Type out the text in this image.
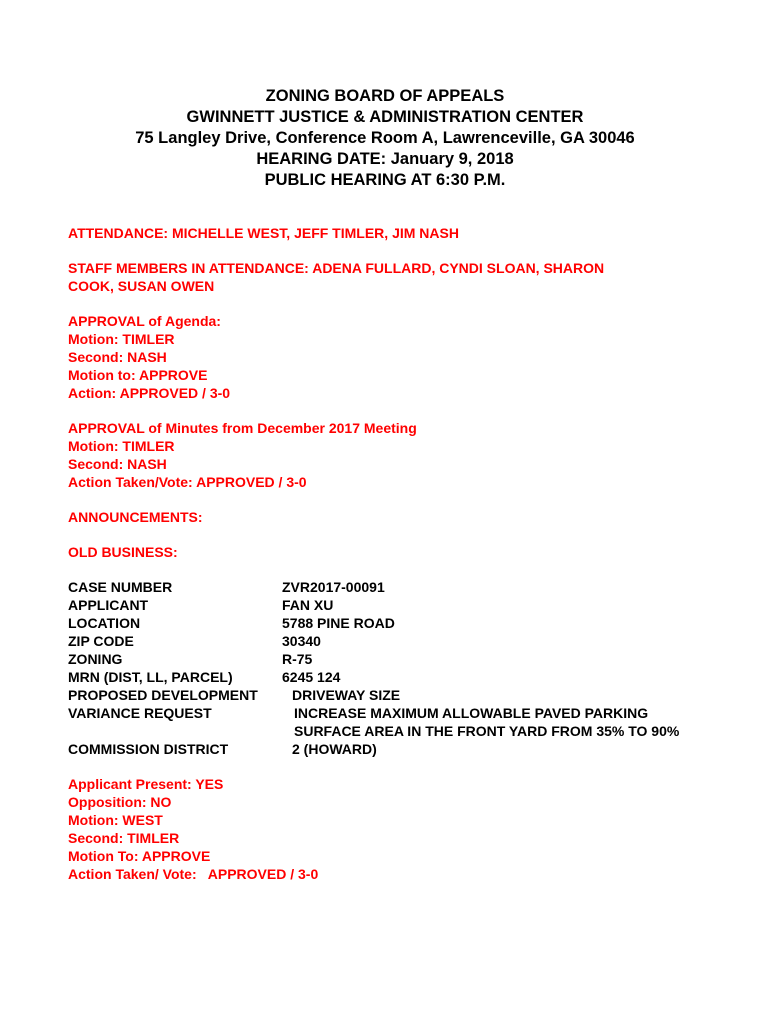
ZONING BOARD OF APPEALS
GWINNETT JUSTICE & ADMINISTRATION CENTER
75 Langley Drive, Conference Room A, Lawrenceville, GA 30046
HEARING DATE: January 9, 2018
PUBLIC HEARING AT 6:30 P.M.
ATTENDANCE: MICHELLE WEST, JEFF TIMLER, JIM NASH
STAFF MEMBERS IN ATTENDANCE: ADENA FULLARD, CYNDI SLOAN, SHARON COOK, SUSAN OWEN
APPROVAL of Agenda:
Motion: TIMLER
Second: NASH
Motion to: APPROVE
Action: APPROVED / 3-0
APPROVAL of Minutes from December 2017 Meeting
Motion: TIMLER
Second: NASH
Action Taken/Vote: APPROVED / 3-0
ANNOUNCEMENTS:
OLD BUSINESS:
CASE NUMBER	ZVR2017-00091
APPLICANT	FAN XU
LOCATION	5788 PINE ROAD
ZIP CODE	30340
ZONING	R-75
MRN (DIST, LL, PARCEL)	6245 124
PROPOSED DEVELOPMENT	DRIVEWAY SIZE
VARIANCE REQUEST	INCREASE MAXIMUM ALLOWABLE PAVED PARKING SURFACE AREA IN THE FRONT YARD FROM 35% TO 90%
COMMISSION DISTRICT	2 (HOWARD)
Applicant Present: YES
Opposition: NO
Motion: WEST
Second: TIMLER
Motion To: APPROVE
Action Taken/ Vote:   APPROVED / 3-0
